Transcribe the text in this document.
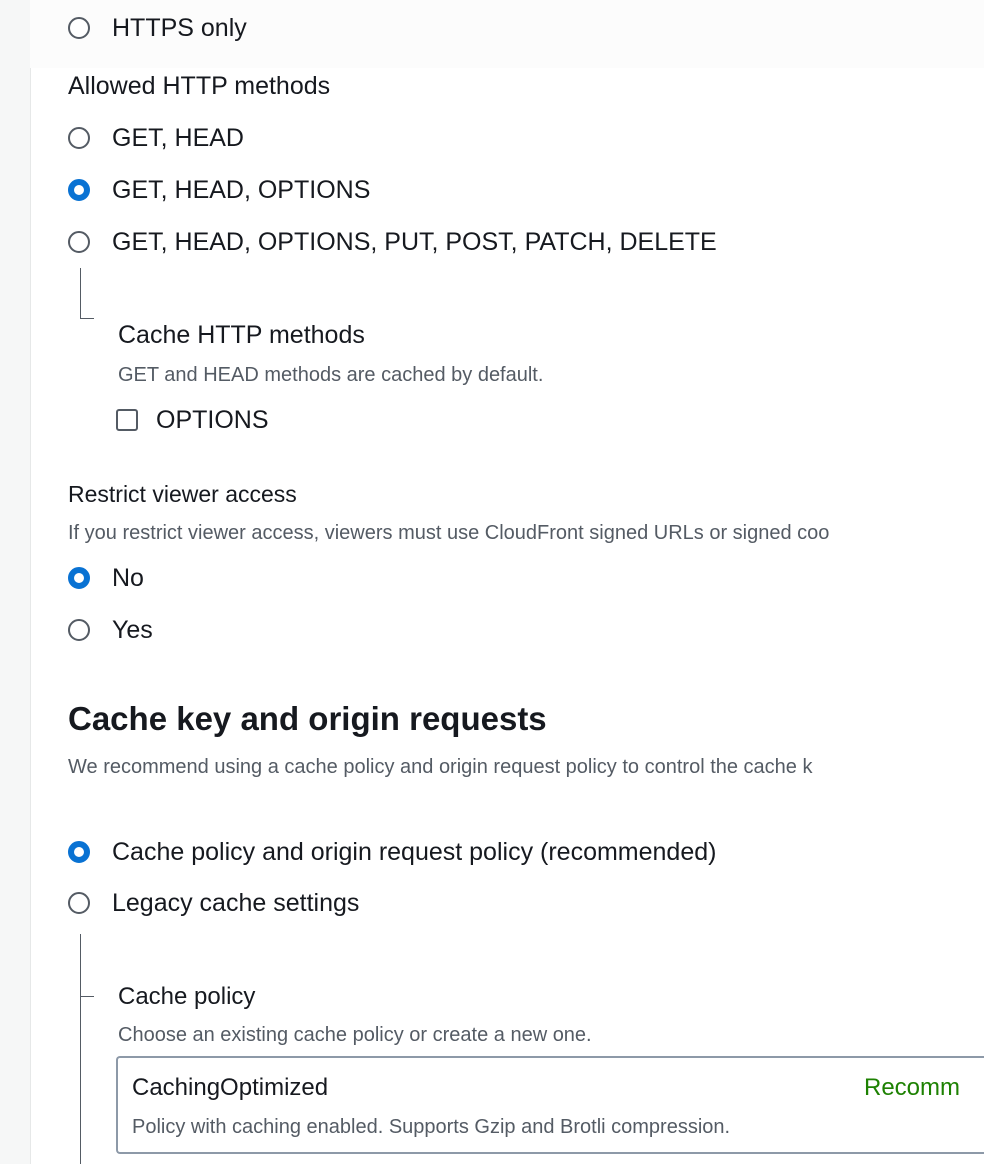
HTTPS only
Allowed HTTP methods
GET, HEAD
GET, HEAD, OPTIONS
GET, HEAD, OPTIONS, PUT, POST, PATCH, DELETE
Cache HTTP methods
GET and HEAD methods are cached by default.
OPTIONS
Restrict viewer access
If you restrict viewer access, viewers must use CloudFront signed URLs or signed coo
No
Yes
Cache key and origin requests
We recommend using a cache policy and origin request policy to control the cache k
Cache policy and origin request policy (recommended)
Legacy cache settings
Cache policy
Choose an existing cache policy or create a new one.
CachingOptimized	Recomm
Policy with caching enabled. Supports Gzip and Brotli compression.
